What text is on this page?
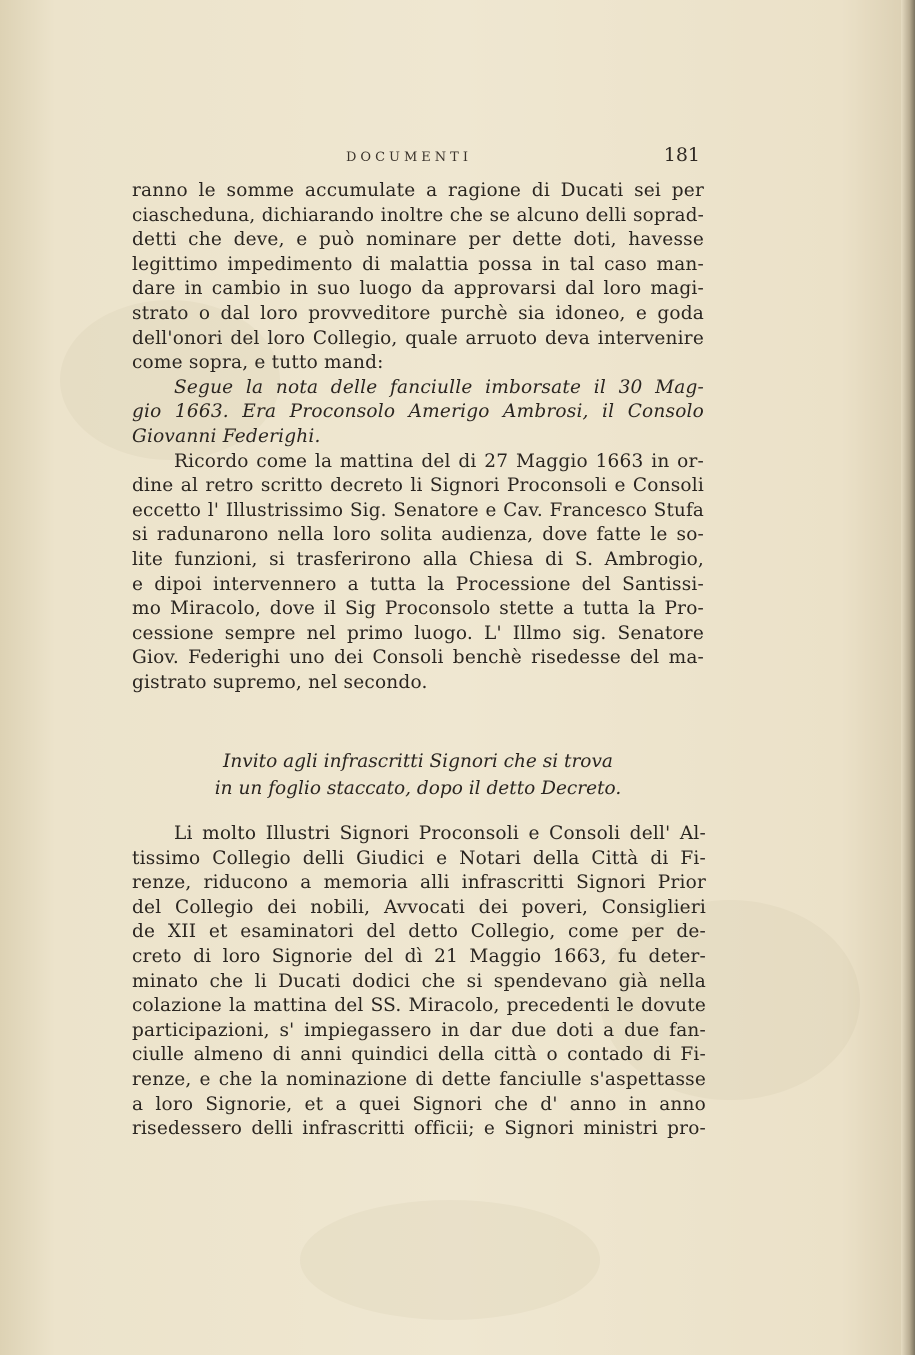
DOCUMENTI	181
ranno le somme accumulate a ragione di Ducati sei per
ciascheduna, dichiarando inoltre che se alcuno delli soprad-
detti che deve, e può nominare per dette doti, havesse
legittimo impedimento di malattia possa in tal caso man-
dare in cambio in suo luogo da approvarsi dal loro magi-
strato o dal loro provveditore purchè sia idoneo, e goda
dell'onori del loro Collegio, quale arruoto deva intervenire
come sopra, e tutto mand:
Segue la nota delle fanciulle imborsate il 30 Mag-
gio 1663. Era Proconsolo Amerigo Ambrosi, il Consolo
Giovanni Federighi.
Ricordo come la mattina del di 27 Maggio 1663 in or-
dine al retro scritto decreto li Signori Proconsoli e Consoli
eccetto l' Illustrissimo Sig. Senatore e Cav. Francesco Stufa
si radunarono nella loro solita audienza, dove fatte le so-
lite funzioni, si trasferirono alla Chiesa di S. Ambrogio,
e dipoi intervennero a tutta la Processione del Santissi-
mo Miracolo, dove il Sig Proconsolo stette a tutta la Pro-
cessione sempre nel primo luogo. L' Illmo sig. Senatore
Giov. Federighi uno dei Consoli benchè risedesse del ma-
gistrato supremo, nel secondo.
Invito agli infrascritti Signori che si trova
in un foglio staccato, dopo il detto Decreto.
Li molto Illustri Signori Proconsoli e Consoli dell' Al-
tissimo Collegio delli Giudici e Notari della Città di Fi-
renze, riducono a memoria alli infrascritti Signori Prior
del Collegio dei nobili, Avvocati dei poveri, Consiglieri
de XII et esaminatori del detto Collegio, come per de-
creto di loro Signorie del dì 21 Maggio 1663, fu deter-
minato che li Ducati dodici che si spendevano già nella
colazione la mattina del SS. Miracolo, precedenti le dovute
participazioni, s' impiegassero in dar due doti a due fan-
ciulle almeno di anni quindici della città o contado di Fi-
renze, e che la nominazione di dette fanciulle s'aspettasse
a loro Signorie, et a quei Signori che d' anno in anno
risedessero delli infrascritti officii; e Signori ministri pro-
